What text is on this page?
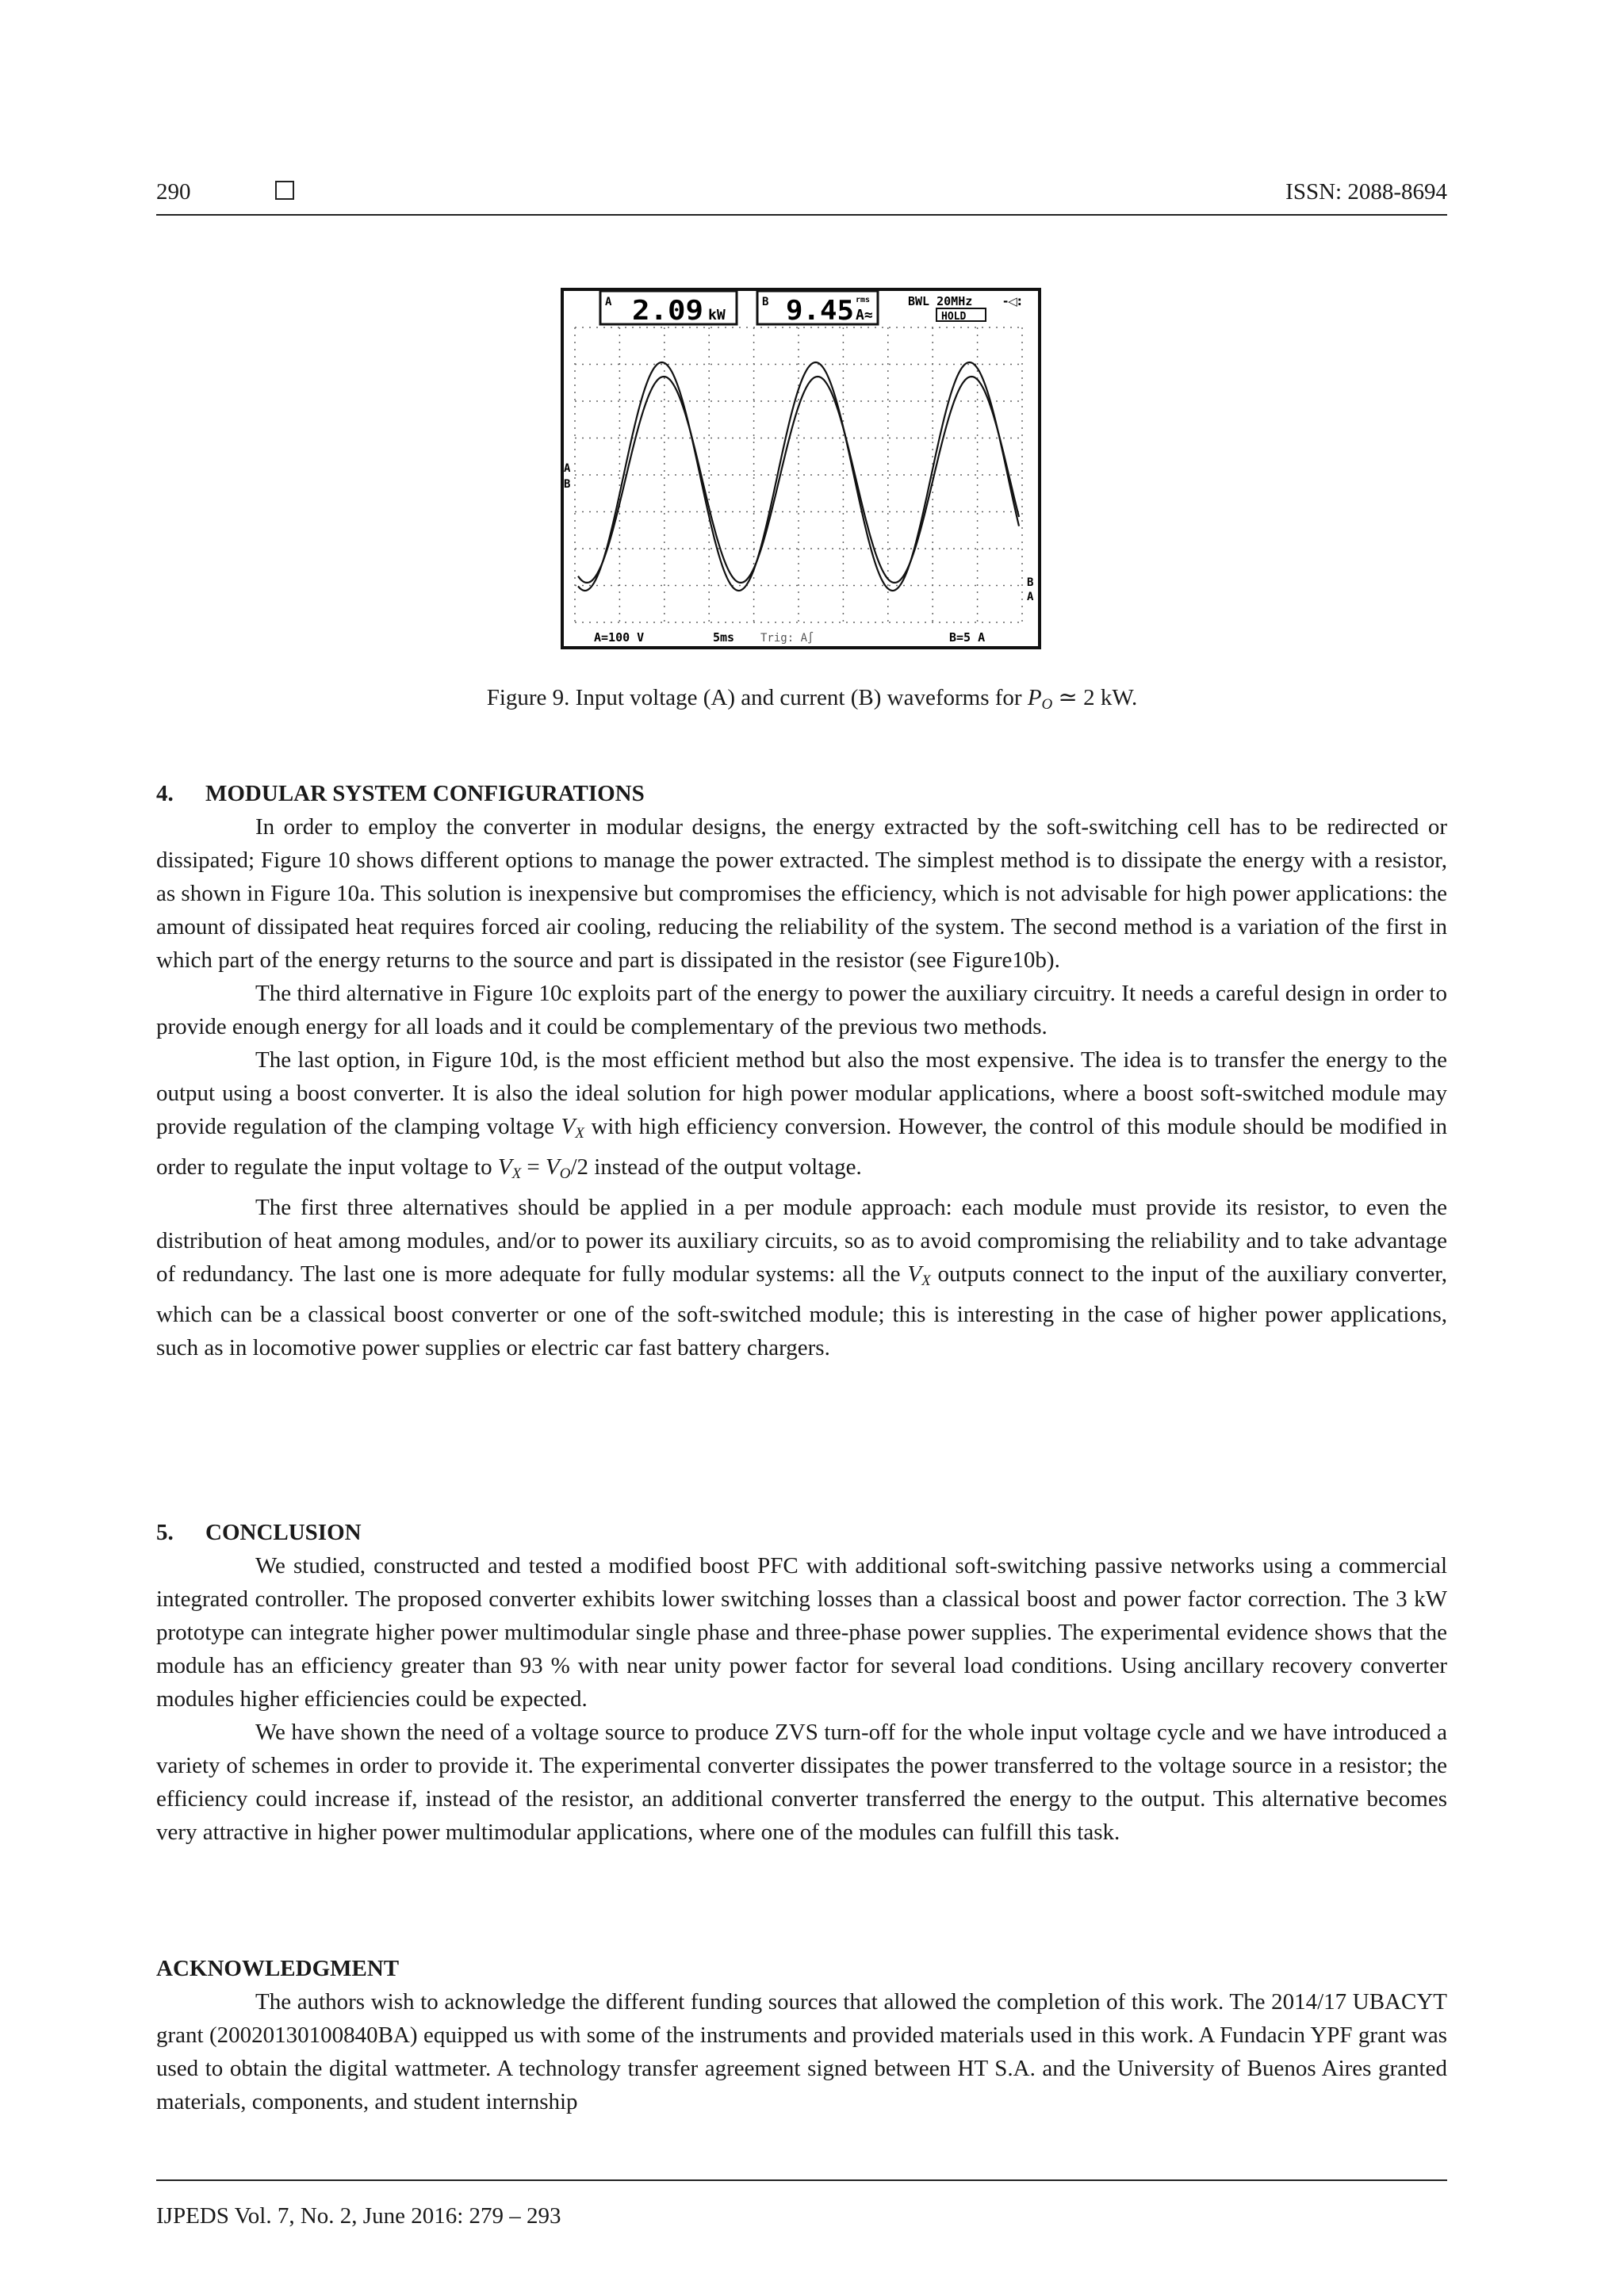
290	ISSN: 2088-8694
A 2.09 kW
B 9.45 rms
A≈
BWL 20MHz	-◁:
HOLD
A
B
B
A
A=100 V	5ms Trig: A∫	B=5 A
Figure 9. Input voltage (A) and current (B) waveforms for $P_O$ ≃ 2 kW.
4. MODULAR SYSTEM CONFIGURATIONS

In order to employ the converter in modular designs, the energy extracted by the soft-switching cell has to be redirected or dissipated; Figure 10 shows different options to manage the power extracted. The simplest method is to dissipate the energy with a resistor, as shown in Figure 10a. This solution is inexpensive but compromises the efficiency, which is not advisable for high power applications: the amount of dissipated heat requires forced air cooling, reducing the reliability of the system. The second method is a variation of the first in which part of the energy returns to the source and part is dissipated in the resistor (see Figure10b).

The third alternative in Figure 10c exploits part of the energy to power the auxiliary circuitry. It needs a careful design in order to provide enough energy for all loads and it could be complementary of the previous two methods.

The last option, in Figure 10d, is the most efficient method but also the most expensive. The idea is to transfer the energy to the output using a boost converter. It is also the ideal solution for high power modular applications, where a boost soft-switched module may provide regulation of the clamping voltage $V_X$ with high efficiency conversion. However, the control of this module should be modified in order to regulate the input voltage to $V_X = V_O/2$ instead of the output voltage.

The first three alternatives should be applied in a per module approach: each module must provide its resistor, to even the distribution of heat among modules, and/or to power its auxiliary circuits, so as to avoid compromising the reliability and to take advantage of redundancy. The last one is more adequate for fully modular systems: all the $V_X$ outputs connect to the input of the auxiliary converter, which can be a classical boost converter or one of the soft-switched module; this is interesting in the case of higher power applications, such as in locomotive power supplies or electric car fast battery chargers.

5. CONCLUSION

We studied, constructed and tested a modified boost PFC with additional soft-switching passive networks using a commercial integrated controller. The proposed converter exhibits lower switching losses than a classical boost and power factor correction. The 3 kW prototype can integrate higher power multimodular single phase and three-phase power supplies. The experimental evidence shows that the module has an efficiency greater than 93 % with near unity power factor for several load conditions. Using ancillary recovery converter modules higher efficiencies could be expected.

We have shown the need of a voltage source to produce ZVS turn-off for the whole input voltage cycle and we have introduced a variety of schemes in order to provide it. The experimental converter dissipates the power transferred to the voltage source in a resistor; the efficiency could increase if, instead of the resistor, an additional converter transferred the energy to the output. This alternative becomes very attractive in higher power multimodular applications, where one of the modules can fulfill this task.

ACKNOWLEDGMENT

The authors wish to acknowledge the different funding sources that allowed the completion of this work. The 2014/17 UBACYT grant (20020130100840BA) equipped us with some of the instruments and provided materials used in this work. A Fundacin YPF grant was used to obtain the digital wattmeter. A technology transfer agreement signed between HT S.A. and the University of Buenos Aires granted materials, components, and student internship

IJPEDS Vol. 7, No. 2, June 2016: 279 – 293
